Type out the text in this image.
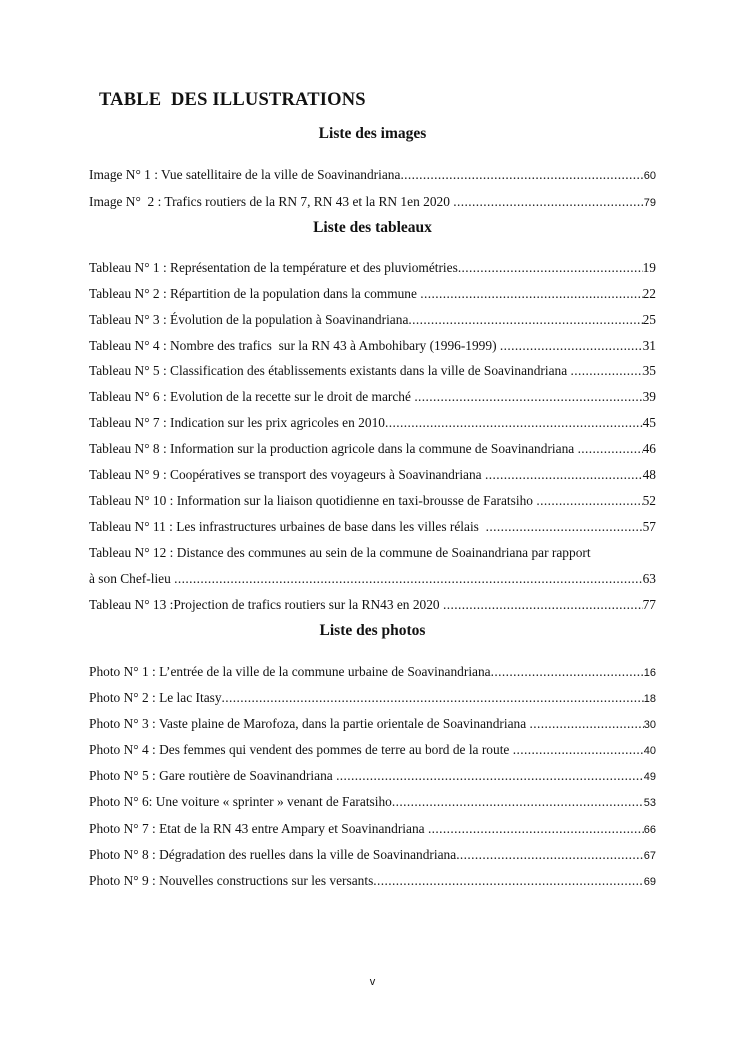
TABLE  DES ILLUSTRATIONS
Liste des images
Image N° 1 : Vue satellitaire de la ville de Soavinandriana .....	60
Image N°  2 : Trafics routiers de la RN 7, RN 43 et la RN 1en 2020 .....	79
Liste des tableaux
Tableau N° 1 : Représentation de la température et des pluviométries .....	19
Tableau N° 2 : Répartition de la population dans la commune .....	22
Tableau N° 3 : Évolution de la population à Soavinandriana .....	25
Tableau N° 4 : Nombre des trafics  sur la RN 43 à Ambohibary (1996-1999) .....	31
Tableau N° 5 : Classification des établissements existants dans la ville de Soavinandriana .....	35
Tableau N° 6 : Evolution de la recette sur le droit de marché .....	39
Tableau N° 7 : Indication sur les prix agricoles en 2010 .....	45
Tableau N° 8 : Information sur la production agricole dans la commune de Soavinandriana .....	46
Tableau N° 9 : Coopératives se transport des voyageurs à Soavinandriana .....	48
Tableau N° 10 : Information sur la liaison quotidienne en taxi-brousse de Faratsiho .....	52
Tableau N° 11 : Les infrastructures urbaines de base dans les villes rélais .....	57
Tableau N° 12 : Distance des communes au sein de la commune de Soainandriana par rapport
à son Chef-lieu .....	63
Tableau N° 13 :Projection de trafics routiers sur la RN43 en 2020 .....	77
Liste des photos
Photo N° 1 : L’entrée de la ville de la commune urbaine de Soavinandriana .....	16
Photo N° 2 : Le lac Itasy .....	18
Photo N° 3 : Vaste plaine de Marofoza, dans la partie orientale de Soavinandriana .....	30
Photo N° 4 : Des femmes qui vendent des pommes de terre au bord de la route .....	40
Photo N° 5 : Gare routière de Soavinandriana .....	49
Photo N° 6: Une voiture « sprinter » venant de Faratsiho .....	53
Photo N° 7 : Etat de la RN 43 entre Ampary et Soavinandriana .....	66
Photo N° 8 : Dégradation des ruelles dans la ville de Soavinandriana .....	67
Photo N° 9 : Nouvelles constructions sur les versants .....	69
v
